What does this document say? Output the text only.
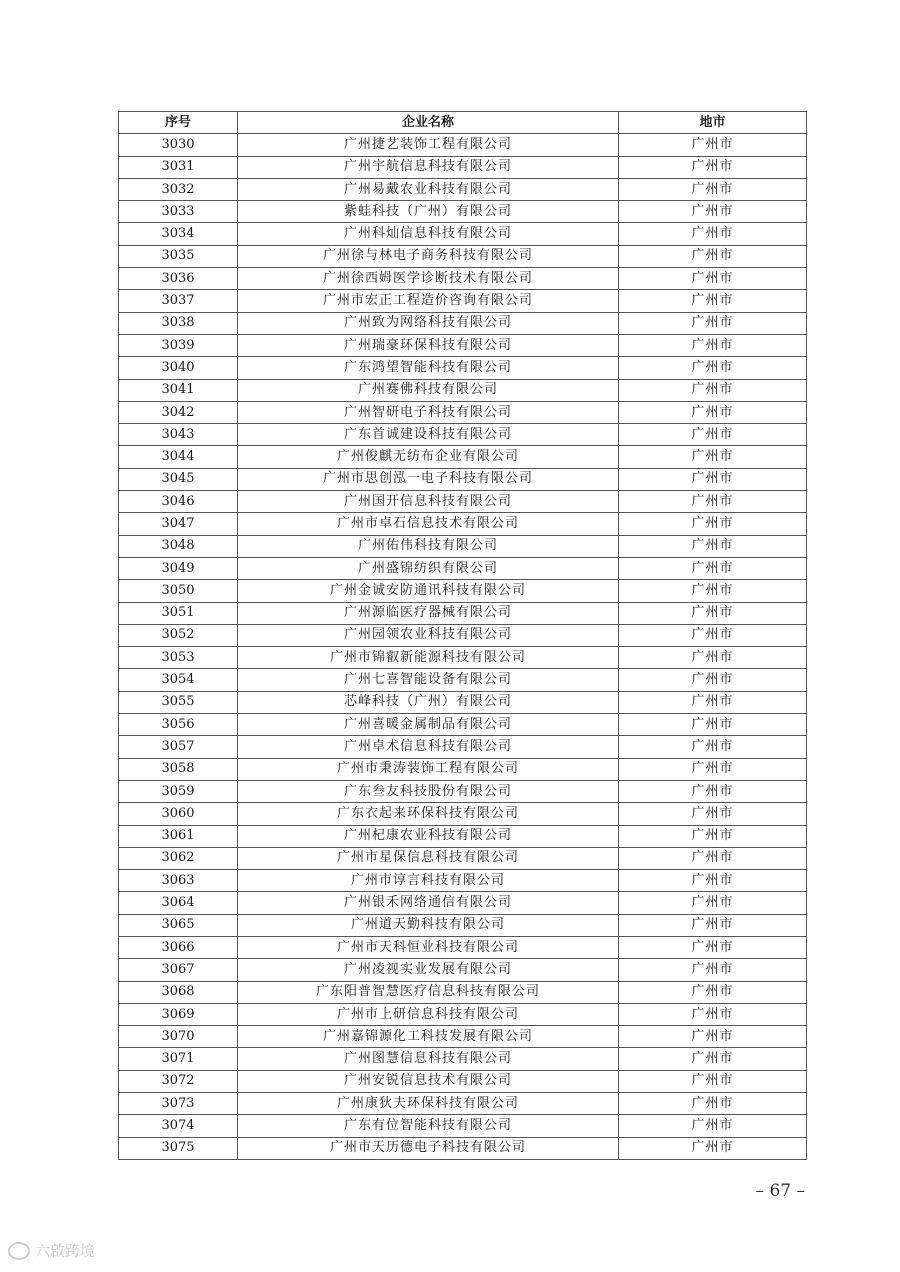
序号	企业名称	地市
3030	广州捷艺装饰工程有限公司	广州市
3031	广州宇航信息科技有限公司	广州市
3032	广州易戴农业科技有限公司	广州市
3033	紫蛙科技（广州）有限公司	广州市
3034	广州科灿信息科技有限公司	广州市
3035	广州徐与林电子商务科技有限公司	广州市
3036	广州徐西姆医学诊断技术有限公司	广州市
3037	广州市宏正工程造价咨询有限公司	广州市
3038	广州致为网络科技有限公司	广州市
3039	广州瑞豪环保科技有限公司	广州市
3040	广东鸿望智能科技有限公司	广州市
3041	广州赛佛科技有限公司	广州市
3042	广州智研电子科技有限公司	广州市
3043	广东首诚建设科技有限公司	广州市
3044	广州俊麒无纺布企业有限公司	广州市
3045	广州市思创泓一电子科技有限公司	广州市
3046	广州国开信息科技有限公司	广州市
3047	广州市卓石信息技术有限公司	广州市
3048	广州佑伟科技有限公司	广州市
3049	广州盛锦纺织有限公司	广州市
3050	广州金诚安防通讯科技有限公司	广州市
3051	广州源临医疗器械有限公司	广州市
3052	广州园领农业科技有限公司	广州市
3053	广州市锦叡新能源科技有限公司	广州市
3054	广州七喜智能设备有限公司	广州市
3055	芯峰科技（广州）有限公司	广州市
3056	广州喜暖金属制品有限公司	广州市
3057	广州卓术信息科技有限公司	广州市
3058	广州市秉涛装饰工程有限公司	广州市
3059	广东叁友科技股份有限公司	广州市
3060	广东衣起来环保科技有限公司	广州市
3061	广州杞康农业科技有限公司	广州市
3062	广州市星保信息科技有限公司	广州市
3063	广州市谆言科技有限公司	广州市
3064	广州银禾网络通信有限公司	广州市
3065	广州道天勤科技有限公司	广州市
3066	广州市天科恒业科技有限公司	广州市
3067	广州凌视实业发展有限公司	广州市
3068	广东阳普智慧医疗信息科技有限公司	广州市
3069	广州市上研信息科技有限公司	广州市
3070	广州嘉锦源化工科技发展有限公司	广州市
3071	广州图慧信息科技有限公司	广州市
3072	广州安锐信息技术有限公司	广州市
3073	广州康狄夫环保科技有限公司	广州市
3074	广东有位智能科技有限公司	广州市
3075	广州市天历德电子科技有限公司	广州市
– 67 –
六啟跨境
